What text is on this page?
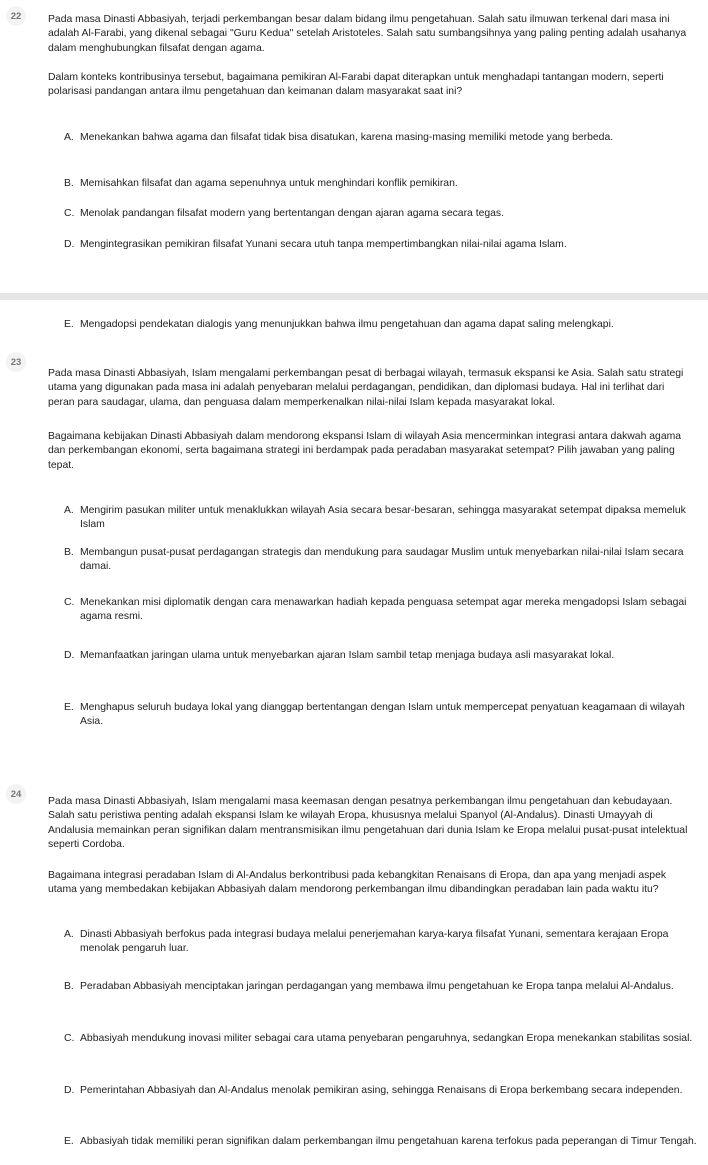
22	Pada masa Dinasti Abbasiyah, terjadi perkembangan besar dalam bidang ilmu pengetahuan. Salah satu ilmuwan terkenal dari masa ini adalah Al-Farabi, yang dikenal sebagai "Guru Kedua" setelah Aristoteles. Salah satu sumbangsihnya yang paling penting adalah usahanya dalam menghubungkan filsafat dengan agama.

Dalam konteks kontribusinya tersebut, bagaimana pemikiran Al-Farabi dapat diterapkan untuk menghadapi tantangan modern, seperti polarisasi pandangan antara ilmu pengetahuan dan keimanan dalam masyarakat saat ini?

A. Menekankan bahwa agama dan filsafat tidak bisa disatukan, karena masing-masing memiliki metode yang berbeda.
B. Memisahkan filsafat dan agama sepenuhnya untuk menghindari konflik pemikiran.
C. Menolak pandangan filsafat modern yang bertentangan dengan ajaran agama secara tegas.
D. Mengintegrasikan pemikiran filsafat Yunani secara utuh tanpa mempertimbangkan nilai-nilai agama Islam.
E. Mengadopsi pendekatan dialogis yang menunjukkan bahwa ilmu pengetahuan dan agama dapat saling melengkapi.
23

Pada masa Dinasti Abbasiyah, Islam mengalami perkembangan pesat di berbagai wilayah, termasuk ekspansi ke Asia. Salah satu strategi utama yang digunakan pada masa ini adalah penyebaran melalui perdagangan, pendidikan, dan diplomasi budaya. Hal ini terlihat dari peran para saudagar, ulama, dan penguasa dalam memperkenalkan nilai-nilai Islam kepada masyarakat lokal.

Bagaimana kebijakan Dinasti Abbasiyah dalam mendorong ekspansi Islam di wilayah Asia mencerminkan integrasi antara dakwah agama dan perkembangan ekonomi, serta bagaimana strategi ini berdampak pada peradaban masyarakat setempat? Pilih jawaban yang paling tepat.

A. Mengirim pasukan militer untuk menaklukkan wilayah Asia secara besar-besaran, sehingga masyarakat setempat dipaksa memeluk Islam
B. Membangun pusat-pusat perdagangan strategis dan mendukung para saudagar Muslim untuk menyebarkan nilai-nilai Islam secara damai.
C. Menekankan misi diplomatik dengan cara menawarkan hadiah kepada penguasa setempat agar mereka mengadopsi Islam sebagai agama resmi.
D. Memanfaatkan jaringan ulama untuk menyebarkan ajaran Islam sambil tetap menjaga budaya asli masyarakat lokal.
E. Menghapus seluruh budaya lokal yang dianggap bertentangan dengan Islam untuk mempercepat penyatuan keagamaan di wilayah Asia.
24

Pada masa Dinasti Abbasiyah, Islam mengalami masa keemasan dengan pesatnya perkembangan ilmu pengetahuan dan kebudayaan. Salah satu peristiwa penting adalah ekspansi Islam ke wilayah Eropa, khususnya melalui Spanyol (Al-Andalus). Dinasti Umayyah di Andalusia memainkan peran signifikan dalam mentransmisikan ilmu pengetahuan dari dunia Islam ke Eropa melalui pusat-pusat intelektual seperti Cordoba.

Bagaimana integrasi peradaban Islam di Al-Andalus berkontribusi pada kebangkitan Renaisans di Eropa, dan apa yang menjadi aspek utama yang membedakan kebijakan Abbasiyah dalam mendorong perkembangan ilmu dibandingkan peradaban lain pada waktu itu?

A. Dinasti Abbasiyah berfokus pada integrasi budaya melalui penerjemahan karya-karya filsafat Yunani, sementara kerajaan Eropa menolak pengaruh luar.
B. Peradaban Abbasiyah menciptakan jaringan perdagangan yang membawa ilmu pengetahuan ke Eropa tanpa melalui Al-Andalus.
C. Abbasiyah mendukung inovasi militer sebagai cara utama penyebaran pengaruhnya, sedangkan Eropa menekankan stabilitas sosial.
D. Pemerintahan Abbasiyah dan Al-Andalus menolak pemikiran asing, sehingga Renaisans di Eropa berkembang secara independen.
E. Abbasiyah tidak memiliki peran signifikan dalam perkembangan ilmu pengetahuan karena terfokus pada peperangan di Timur Tengah.
